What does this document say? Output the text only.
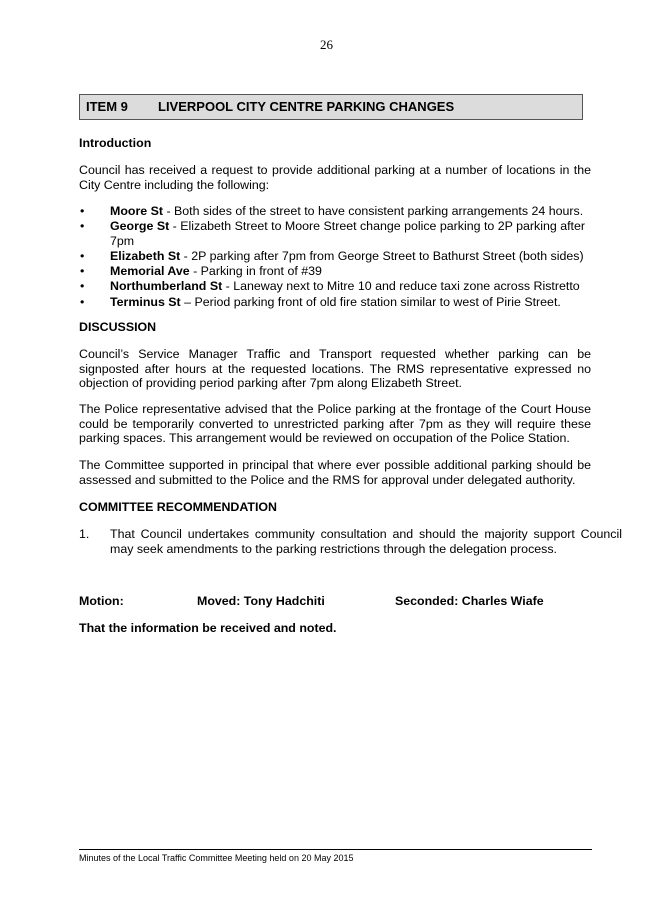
26
ITEM 9 LIVERPOOL CITY CENTRE PARKING CHANGES
Introduction
Council has received a request to provide additional parking at a number of locations in the City Centre including the following:
• Moore St - Both sides of the street to have consistent parking arrangements 24 hours.
• George St - Elizabeth Street to Moore Street change police parking to 2P parking after 7pm
• Elizabeth St - 2P parking after 7pm from George Street to Bathurst Street (both sides)
• Memorial Ave - Parking in front of #39
• Northumberland St - Laneway next to Mitre 10 and reduce taxi zone across Ristretto
• Terminus St – Period parking front of old fire station similar to west of Pirie Street.
DISCUSSION
Council’s Service Manager Traffic and Transport requested whether parking can be signposted after hours at the requested locations. The RMS representative expressed no objection of providing period parking after 7pm along Elizabeth Street.
The Police representative advised that the Police parking at the frontage of the Court House could be temporarily converted to unrestricted parking after 7pm as they will require these parking spaces. This arrangement would be reviewed on occupation of the Police Station.
The Committee supported in principal that where ever possible additional parking should be assessed and submitted to the Police and the RMS for approval under delegated authority.
COMMITTEE RECOMMENDATION
1. That Council undertakes community consultation and should the majority support Council may seek amendments to the parking restrictions through the delegation process.
Motion:	Moved: Tony Hadchiti	Seconded: Charles Wiafe
That the information be received and noted.
Minutes of the Local Traffic Committee Meeting held on 20 May 2015
